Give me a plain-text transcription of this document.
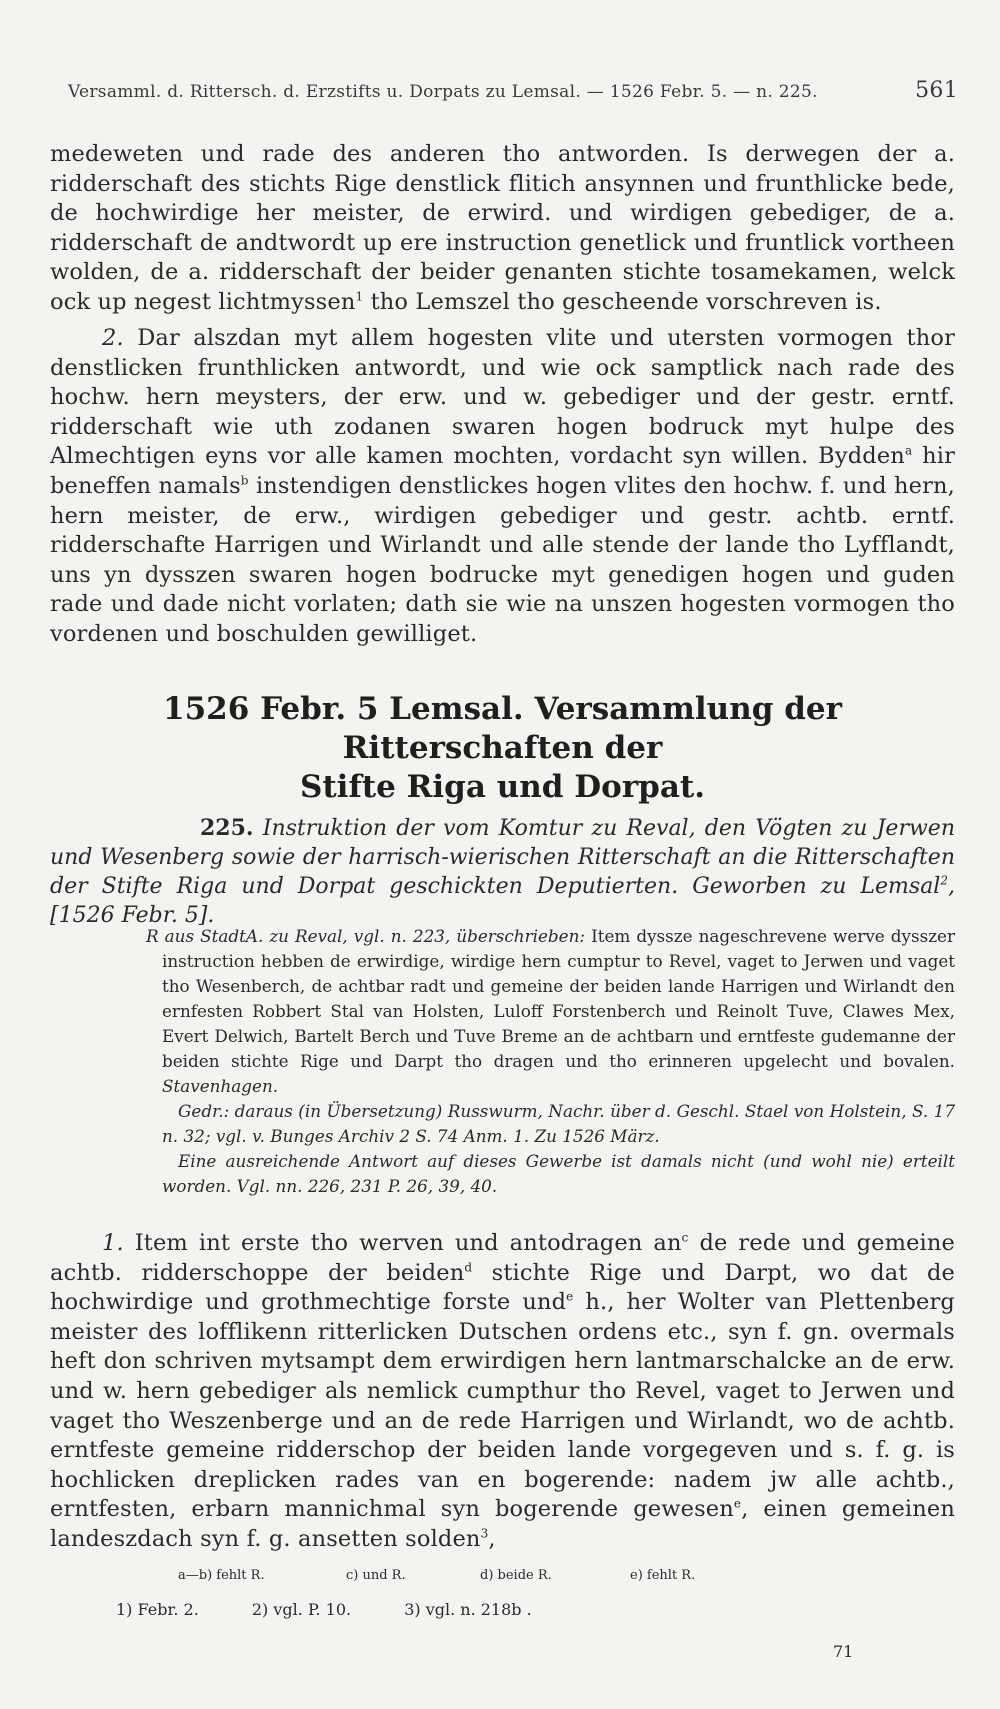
Versamml. d. Rittersch. d. Erzstifts u. Dorpats zu Lemsal. — 1526 Febr. 5. — n. 225.	561

medeweten und rade des anderen tho antworden. Is derwegen der a. ridderschaft des stichts Rige denstlick flitich ansynnen und frunthlicke bede, de hochwirdige her meister, de erwird. und wirdigen gebediger, de a. ridderschaft de andtwordt up ere instruction genetlick und fruntlick vortheen wolden, de a. ridderschaft der beider genanten stichte tosamekamen, welck ock up negest lichtmyssen$^1$ tho Lemszel tho gescheende vorschreven is.

2. Dar alszdan myt allem hogesten vlite und utersten vormogen thor denstlicken frunthlicken antwordt, und wie ock samptlick nach rade des hochw. hern meysters, der erw. und w. gebediger und der gestr. erntf. ridderschaft wie uth zodanen swaren hogen bodruck myt hulpe des Almechtigen eyns vor alle kamen mochten, vordacht syn willen. Bydden$^a$ hir beneffen namals$^b$ instendigen denstlickes hogen vlites den hochw. f. und hern, hern meister, de erw., wirdigen gebediger und gestr. achtb. erntf. ridderschafte Harrigen und Wirlandt und alle stende der lande tho Lyfflandt, uns yn dysszen swaren hogen bodrucke myt genedigen hogen und guden rade und dade nicht vorlaten; dath sie wie na unszen hogesten vormogen tho vordenen und boschulden gewilliget.

1526 Febr. 5 Lemsal. Versammlung der Ritterschaften der
Stifte Riga und Dorpat.

225. Instruktion der vom Komtur zu Reval, den Vögten zu Jerwen und Wesenberg sowie der harrisch-wierischen Ritterschaft an die Ritterschaften der Stifte Riga und Dorpat geschickten Deputierten. Geworben zu Lemsal$^2$, [1526 Febr. 5].

R aus StadtA. zu Reval, vgl. n. 223, überschrieben: Item dyssze nageschrevene werve dysszer instruction hebben de erwirdige, wirdige hern cumptur to Revel, vaget to Jerwen und vaget tho Wesenberch, de achtbar radt und gemeine der beiden lande Harrigen und Wirlandt den ernfesten Robbert Stal van Holsten, Luloff Forstenberch und Reinolt Tuve, Clawes Mex, Evert Delwich, Bartelt Berch und Tuve Breme an de achtbarn und erntfeste gudemanne der beiden stichte Rige und Darpt tho dragen und tho erinneren upgelecht und bovalen. Stavenhagen.

Gedr.: daraus (in Übersetzung) Russwurm, Nachr. über d. Geschl. Stael von Holstein, S. 17 n. 32; vgl. v. Bunges Archiv 2 S. 74 Anm. 1. Zu 1526 März.

Eine ausreichende Antwort auf dieses Gewerbe ist damals nicht (und wohl nie) erteilt worden. Vgl. nn. 226, 231 P. 26, 39, 40.

1. Item int erste tho werven und antodragen $an^c$ de rede und gemeine achtb. ridderschoppe der beiden$^d$ stichte Rige und Darpt, wo dat de hochwirdige und grothmechtige forste und$^e$ h., her Wolter van Plettenberg meister des lofflikenn ritterlicken Dutschen ordens etc., syn f. gn. overmals heft don schriven mytsampt dem erwirdigen hern lantmarschalcke an de erw. und w. hern gebediger als nemlick cumpthur tho Revel, vaget to Jerwen und vaget tho Weszenberge und an de rede Harrigen und Wirlandt, wo de achtb. erntfeste gemeine ridderschop der beiden lande vorgegeven und s. f. g. is hochlicken dreplicken rades van en bogerende: nadem jw alle achtb., erntfesten, erbarn mannichmal syn bogerende gewesen$^e$, einen gemeinen landeszdach syn f. g. ansetten solden$^3$,

a—b) fehlt R.	c) und R.	d) beide R.	e) fehlt R.
1) Febr. 2.	2) vgl. P. 10.	3) vgl. n. 218b .
71
